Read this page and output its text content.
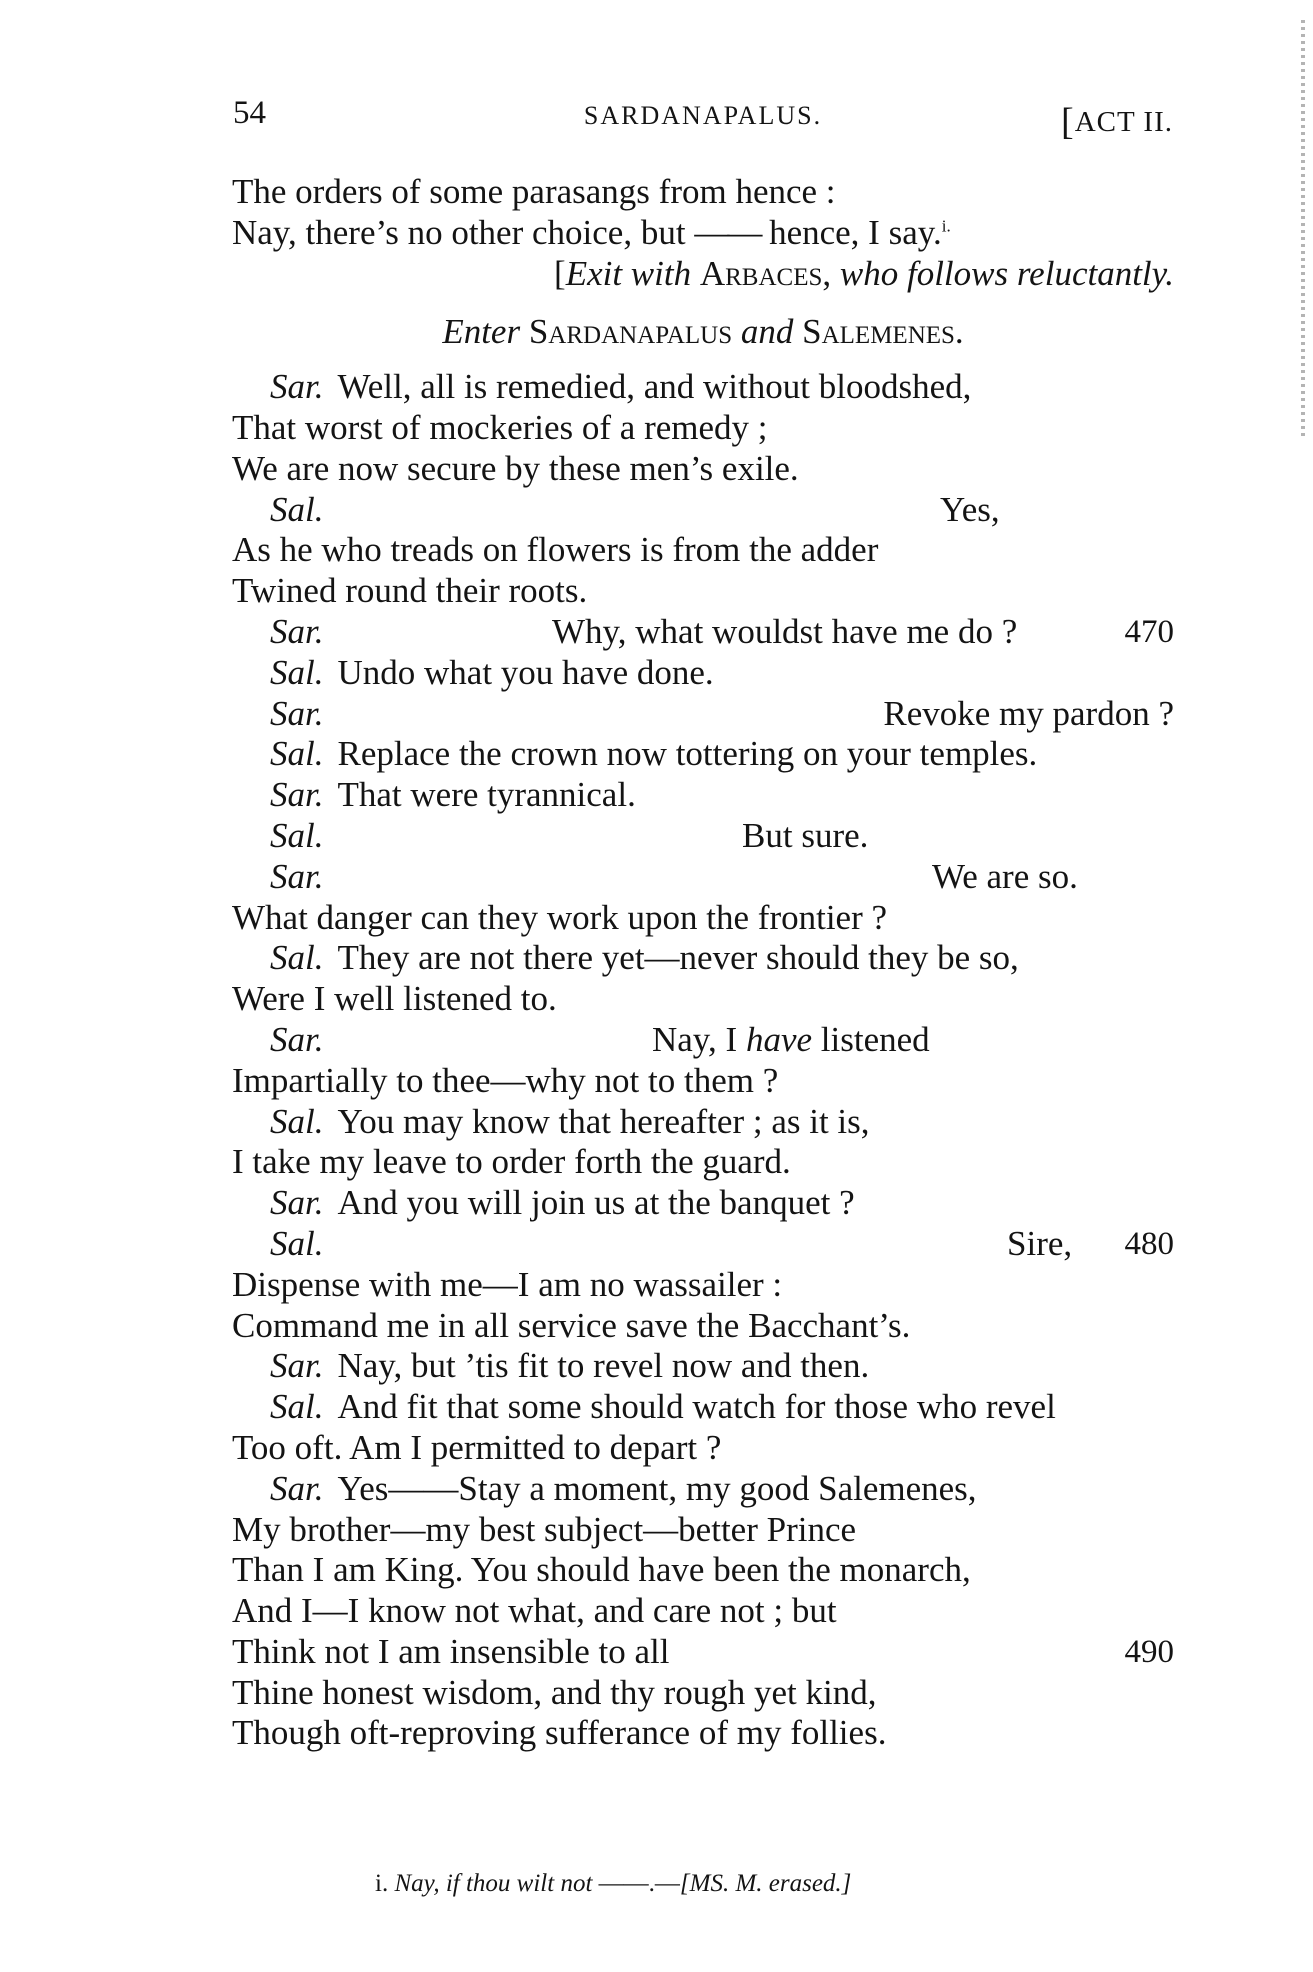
54	SARDANAPALUS.	[ACT II.
The orders of some parasangs from hence :
Nay, there’s no other choice, but —— hence, I say.$^{i.}$
[Exit with Arbaces, who follows reluctantly.
Enter Sardanapalus and Salemenes.
Sar. Well, all is remedied, and without bloodshed,
That worst of mockeries of a remedy ;
We are now secure by these men’s exile.
Sal.	Yes,
As he who treads on flowers is from the adder
Twined round their roots.
Sar.	Why, what wouldst have me do ?	470
Sal. Undo what you have done.
Sar.	Revoke my pardon ?
Sal. Replace the crown now tottering on your temples.
Sar. That were tyrannical.
Sal.	But sure.
Sar.	We are so.
What danger can they work upon the frontier ?
Sal. They are not there yet—never should they be so,
Were I well listened to.
Sar.	Nay, I have listened
Impartially to thee—why not to them ?
Sal. You may know that hereafter ; as it is,
I take my leave to order forth the guard.
Sar. And you will join us at the banquet ?
Sal.	Sire, 480
Dispense with me—I am no wassailer :
Command me in all service save the Bacchant’s.
Sar. Nay, but ’tis fit to revel now and then.
Sal. And fit that some should watch for those who revel
Too oft. Am I permitted to depart ?
Sar. Yes——Stay a moment, my good Salemenes,
My brother—my best subject—better Prince
Than I am King. You should have been the monarch,
And I—I know not what, and care not ; but
Think not I am insensible to all	490
Thine honest wisdom, and thy rough yet kind,
Though oft-reproving sufferance of my follies.
i. Nay, if thou wilt not ——.—[MS. M. erased.]
